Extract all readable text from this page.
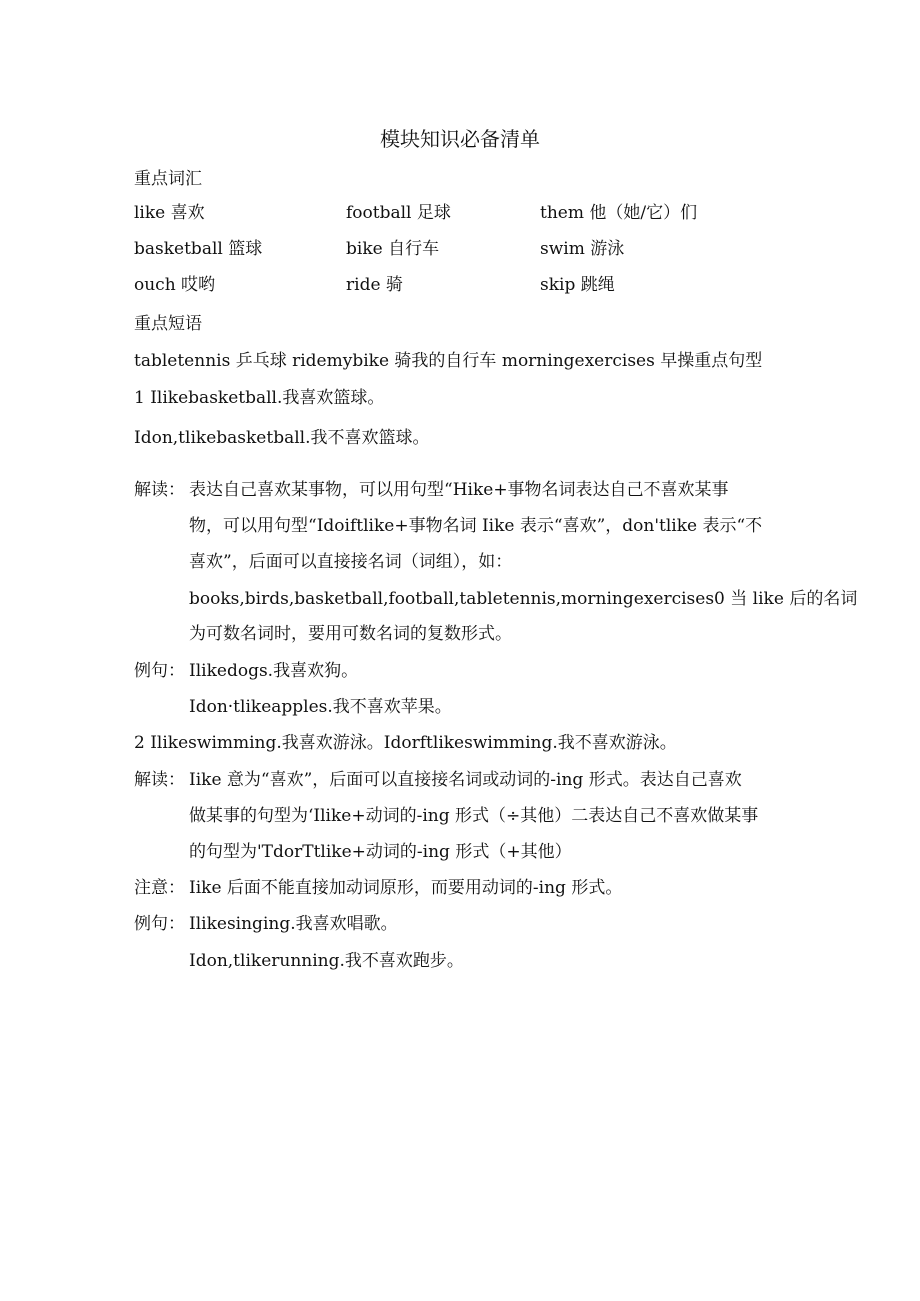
模块知识必备清单
重点词汇
like 喜欢	football 足球	them 他（她/它）们
basketball 篮球	bike 自行车	swim 游泳
ouch 哎哟	ride 骑	skip 跳绳
重点短语
tabletennis 乒乓球 ridemybike 骑我的自行车 morningexercises 早操重点句型
1 Ilikebasketball.我喜欢篮球。
Idon,tlikebasketball.我不喜欢篮球。
解读： 表达自己喜欢某事物，可以用句型“Hike+事物名词表达自己不喜欢某事
物，可以用句型“Idoiftlike+事物名词 Iike 表示“喜欢”，don'tlike 表示“不
喜欢”，后面可以直接接名词（词组），如：
books,birds,basketball,football,tabletennis,morningexercises0 当 like 后的名词
为可数名词时，要用可数名词的复数形式。
例句： Ilikedogs.我喜欢狗。
Idon·tlikeapples.我不喜欢苹果。
2 Ilikeswimming.我喜欢游泳。Idorftlikeswimming.我不喜欢游泳。
解读： Iike 意为“喜欢”，后面可以直接接名词或动词的-ing 形式。表达自己喜欢
做某事的句型为‘Ilike+动词的-ing 形式（÷其他）二表达自己不喜欢做某事
的句型为'TdorTtlike+动词的-ing 形式（+其他）
注意： Iike 后面不能直接加动词原形，而要用动词的-ing 形式。
例句： Ilikesinging.我喜欢唱歌。
Idon,tlikerunning.我不喜欢跑步。
